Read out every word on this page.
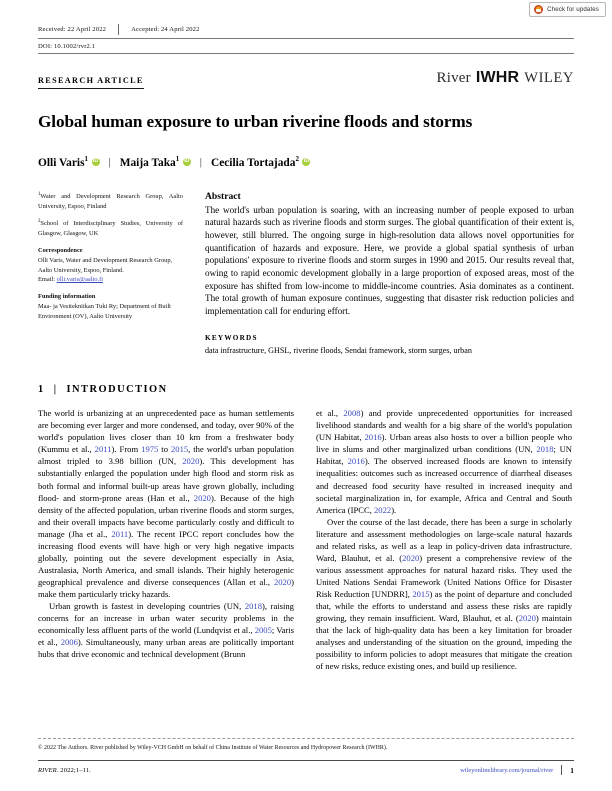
Check for updates
Received: 22 April 2022	Accepted: 24 April 2022
DOI: 10.1002/rvr2.1
RESEARCH ARTICLE	River IWHR WILEY
Global human exposure to urban riverine floods and storms
Olli Varis$^1$ iD	| Maija Taka$^1$ iD	| Cecilia Tortajada$^2$iD
$^1$Water and Development Research Group, Aalto University, Espoo, Finland
$^2$School of Interdisciplinary Studies, University of Glasgow, Glasgow, UK
Correspondence
Olli Varis, Water and Development Research Group, Aalto University, Espoo, Finland.
Email: olli.varis@aalto.fi
Funding information
Maa- ja Vesitekniikan Tuki Ry; Department of Built Environment (OV), Aalto University
Abstract
The world's urban population is soaring, with an increasing number of people exposed to urban natural hazards such as riverine floods and storm surges. The global quantification of their extent is, however, still blurred. The ongoing surge in high-resolution data allows novel opportunities for quantification of hazards and exposure. Here, we provide a global spatial synthesis of urban populations' exposure to riverine floods and storm surges in 1990 and 2015. Our results reveal that, owing to rapid economic development globally in a large proportion of exposed areas, most of the exposure has shifted from low-income to middle-income countries. Asia dominates as a continent. The total growth of human exposure continues, suggesting that disaster risk reduction policies and implementation call for enduring effort.
KEYWORDS
data infrastructure, GHSL, riverine floods, Sendai framework, storm surges, urban
1 | INTRODUCTION

The world is urbanizing at an unprecedented pace as human settlements are becoming ever larger and more condensed, and today, over 90% of the world's population lives closer than 10 km from a freshwater body (Kummu et al., 2011). From 1975 to 2015, the world's urban population almost tripled to 3.98 billion (UN, 2020). This development has substantially enlarged the population under high flood and storm risk as both formal and informal built-up areas have grown globally, including flood- and storm-prone areas (Han et al., 2020). Because of the high density of the affected population, urban riverine floods and storm surges, and their overall impacts have become particularly costly and difficult to manage (Jha et al., 2011). The recent IPCC report concludes how the increasing flood events will have high or very high negative impacts globally, pointing out the severe development especially in Asia, Australasia, North America, and small islands. Their highly heterogenic geographical prevalence and diverse consequences (Allan et al., 2020) make them particularly tricky hazards.

Urban growth is fastest in developing countries (UN, 2018), raising concerns for an increase in urban water security problems in the economically less affluent parts of the world (Lundqvist et al., 2005; Varis et al., 2006). Simultaneously, many urban areas are politically important hubs that drive economic and technical development (Brunn

et al., 2008) and provide unprecedented opportunities for increased livelihood standards and wealth for a big share of the world's population (UN Habitat, 2016). Urban areas also hosts to over a billion people who live in slums and other marginalized urban conditions (UN, 2018; UN Habitat, 2016). The observed increased floods are known to intensify inequalities: outcomes such as increased occurrence of diarrheal diseases and decreased food security have resulted in increased inequity and societal marginalization in, for example, Africa and Central and South America (IPCC, 2022).

Over the course of the last decade, there has been a surge in scholarly literature and assessment methodologies on large-scale natural hazards and related risks, as well as a leap in policy-driven data infrastructure. Ward, Blauhut, et al. (2020) present a comprehensive review of the various assessment approaches for natural hazard risks. They used the United Nations Sendai Framework (United Nations Office for Disaster Risk Reduction [UNDRR], 2015) as the point of departure and concluded that, while the efforts to understand and assess these risks are rapidly growing, they remain insufficient. Ward, Blauhut, et al. (2020) maintain that the lack of high-quality data has been a key limitation for broader analyses and understanding of the situation on the ground, impeding the possibility to inform policies to adopt measures that mitigate the creation of new risks, reduce existing ones, and build up resilience.

© 2022 The Authors. River published by Wiley-VCH GmbH on behalf of China Institute of Water Resources and Hydropower Research (IWHR).
RIVER. 2022;1–11.	wileyonlinelibrary.com/journal/river 1
